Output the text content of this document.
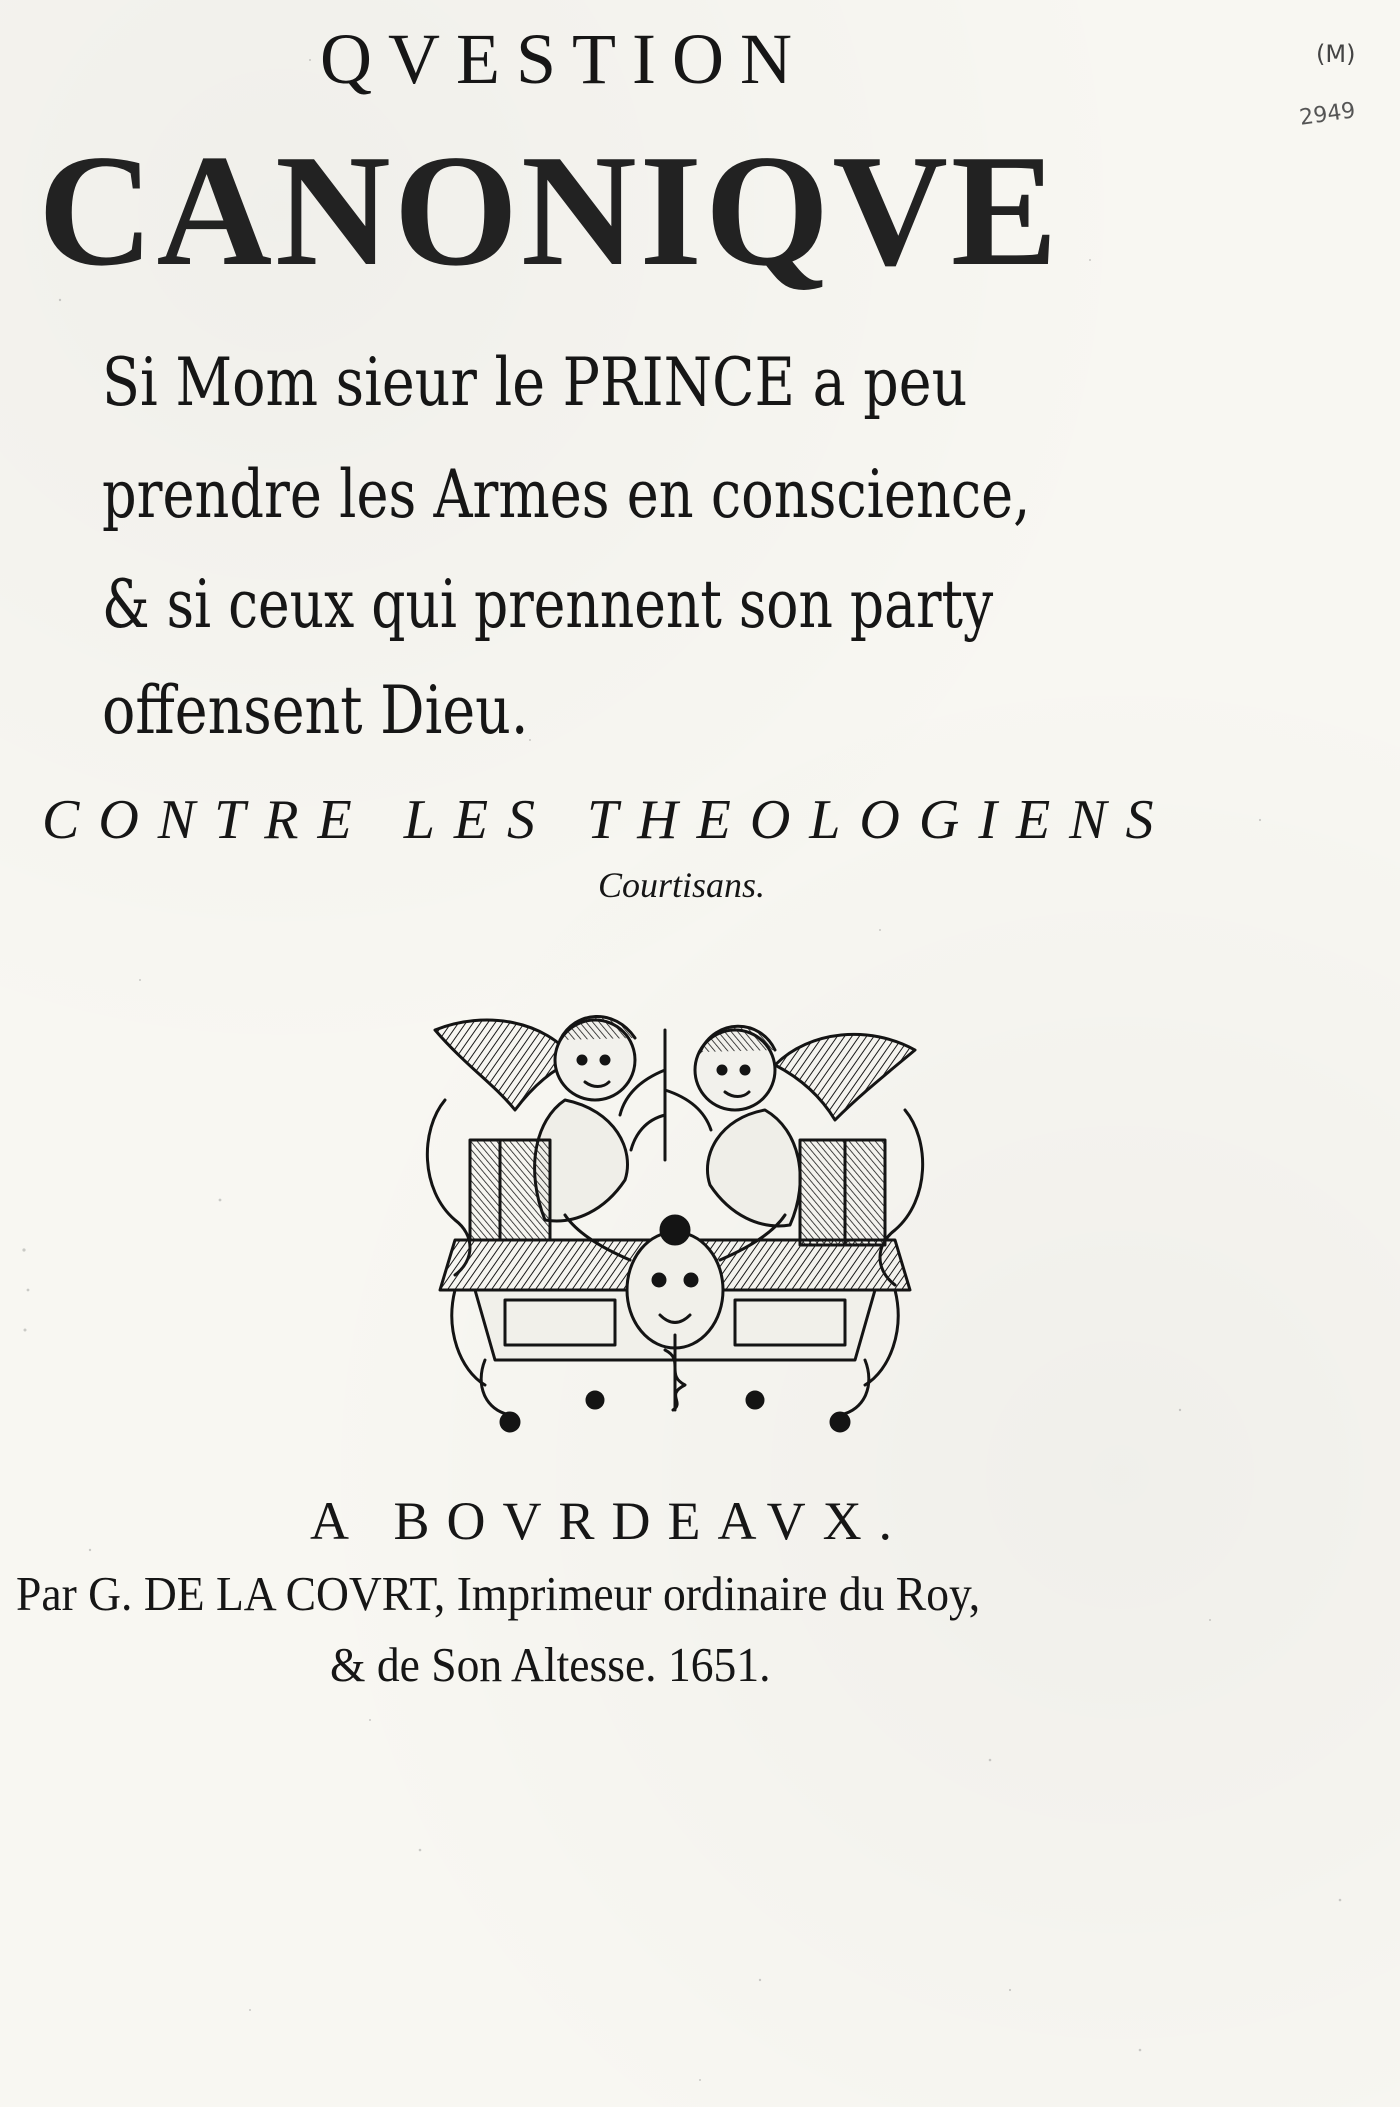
QVESTION
CANONIQVE

Si Mom sieur le PRINCE a peu

prendre les Armes en conscience,

& si ceux qui prennent son party

offensent Dieu.

CONTRE LES THEOLOGIENS

Courtisans.

(M)

2949

A BOVRDEAVX.

Par G. DE LA COVRT, Imprimeur ordinaire du Roy,

& de Son Altesse. 1651.
